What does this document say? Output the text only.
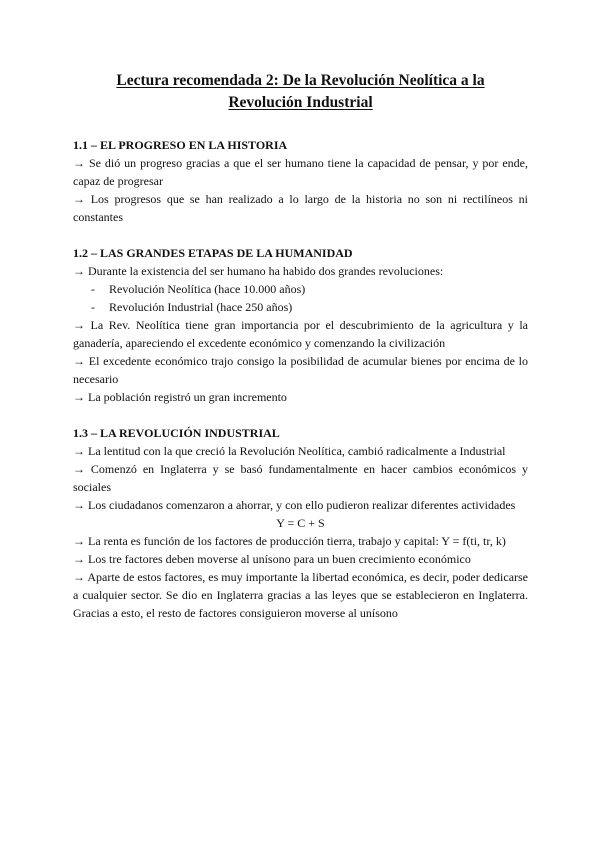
Lectura recomendada 2: De la Revolución Neolítica a la
Revolución Industrial

1.1 – EL PROGRESO EN LA HISTORIA

→ Se dió un progreso gracias a que el ser humano tiene la capacidad de pensar, y por ende, capaz de progresar

→ Los progresos que se han realizado a lo largo de la historia no son ni rectilíneos ni constantes

1.2 – LAS GRANDES ETAPAS DE LA HUMANIDAD

→ Durante la existencia del ser humano ha habido dos grandes revoluciones:

- Revolución Neolítica (hace 10.000 años)
- Revolución Industrial (hace 250 años)

→ La Rev. Neolítica tiene gran importancia por el descubrimiento de la agricultura y la ganadería, apareciendo el excedente económico y comenzando la civilización

→ El excedente económico trajo consigo la posibilidad de acumular bienes por encima de lo necesario

→ La población registró un gran incremento

1.3 – LA REVOLUCIÓN INDUSTRIAL

→ La lentitud con la que creció la Revolución Neolítica, cambió radicalmente a Industrial

→ Comenzó en Inglaterra y se basó fundamentalmente en hacer cambios económicos y sociales

→ Los ciudadanos comenzaron a ahorrar, y con ello pudieron realizar diferentes actividades

Y = C + S

→ La renta es función de los factores de producción tierra, trabajo y capital: Y = f(ti, tr, k)

→ Los tre factores deben moverse al unísono para un buen crecimiento económico

→ Aparte de estos factores, es muy importante la libertad económica, es decir, poder dedicarse a cualquier sector. Se dio en Inglaterra gracias a las leyes que se establecieron en Inglaterra. Gracias a esto, el resto de factores consiguieron moverse al unísono
